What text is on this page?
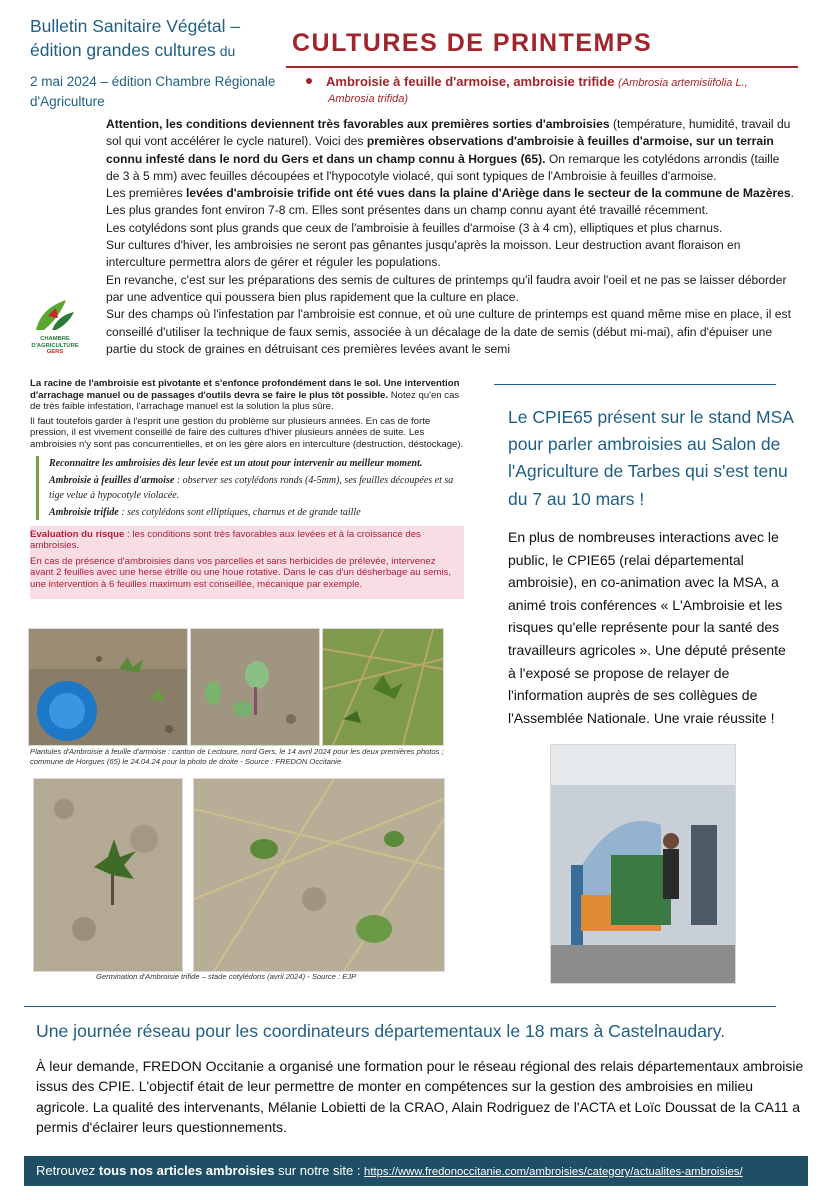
Bulletin Sanitaire Végétal –
édition grandes cultures du
2 mai 2024 – édition Chambre Régionale
d'Agriculture
CULTURES DE PRINTEMPS
Ambroisie à feuille d'armoise, ambroisie trifide (Ambrosia artemisiifolia L.,
Ambrosia trifida)

Attention, les conditions deviennent très favorables aux premières sorties d'ambroisies (température, humidité, travail du sol qui vont accélérer le cycle naturel). Voici des premières observations d'ambroisie à feuilles d'armoise, sur un terrain connu infesté dans le nord du Gers et dans un champ connu à Horgues (65). On remarque les cotylédons arrondis (taille de 3 à 5 mm) avec feuilles découpées et l'hypocotyle violacé, qui sont typiques de l'Ambroisie à feuilles d'armoise.

Les premières levées d'ambroisie trifide ont été vues dans la plaine d'Ariège dans le secteur de la commune de Mazères. Les plus grandes font environ 7-8 cm. Elles sont présentes dans un champ connu ayant été travaillé récemment.

Les cotylédons sont plus grands que ceux de l'ambroisie à feuilles d'armoise (3 à 4 cm), elliptiques et plus charnus.

Sur cultures d'hiver, les ambroisies ne seront pas gênantes jusqu'après la moisson. Leur destruction avant floraison en interculture permettra alors de gérer et réguler les populations.

En revanche, c'est sur les préparations des semis de cultures de printemps qu'il faudra avoir l'oeil et ne pas se laisser déborder par une adventice qui poussera bien plus rapidement que la culture en place.

Sur des champs où l'infestation par l'ambroisie est connue, et où une culture de printemps est quand même mise en place, il est conseillé d'utiliser la technique de faux semis, associée à un décalage de la date de semis (début mi-mai), afin d'épuiser une partie du stock de graines en détruisant ces premières levées avant le semi

CHAMBRE
D'AGRICULTURE
GERS

La racine de l'ambroisie est pivotante et s'enfonce profondément dans le sol. Une intervention d'arrachage manuel ou de passages d'outils devra se faire le plus tôt possible. Notez qu'en cas de très faible infestation, l'arrachage manuel est la solution la plus sûre.

Il faut toutefois garder à l'esprit une gestion du problème sur plusieurs années. En cas de forte pression, il est vivement conseillé de faire des cultures d'hiver plusieurs années de suite. Les ambroisies n'y sont pas concurrentielles, et on les gère alors en interculture (destruction, déstockage).

Reconnaitre les ambroisies dès leur levée est un atout pour intervenir au meilleur moment.

Ambroisie à feuilles d'armoise : observer ses cotylédons ronds (4-5mm), ses feuilles découpées et sa tige velue à hypocotyle violacée.

Ambroisie trifide : ses cotylédons sont elliptiques, charnus et de grande taille

Evaluation du risque : les conditions sont très favorables aux levées et à la croissance des ambroisies.

En cas de présence d'ambroisies dans vos parcelles et sans herbicides de prélevée, intervenez avant 2 feuilles avec une herse étrille ou une houe rotative. Dans le cas d'un désherbage au semis, une intervention à 6 feuilles maximum est conseillée, mécanique par exemple.

Plantules d'Ambroisie à feuille d'armoise : canton de Lectoure, nord Gers, le 14 avril 2024 pour les deux premières photos ; commune de Horgues (65) le 24.04.24 pour la photo de droite - Source : FREDON Occitanie
Germination d'Ambroisie trifide – stade cotylédons (avril 2024) - Source : EJP
Le CPIE65 présent sur le stand MSA pour parler ambroisies au Salon de l'Agriculture de Tarbes qui s'est tenu du 7 au 10 mars !
En plus de nombreuses interactions avec le public, le CPIE65 (relai départemental ambroisie), en co-animation avec la MSA, a animé trois conférences « L'Ambroisie et les risques qu'elle représente pour la santé des travailleurs agricoles ». Une député présente à l'exposé se propose de relayer de l'information auprès de ses collègues de l'Assemblée Nationale. Une vraie réussite !
Une journée réseau pour les coordinateurs départementaux le 18 mars à Castelnaudary.
À leur demande, FREDON Occitanie a organisé une formation pour le réseau régional des relais départementaux ambroisie issus des CPIE. L'objectif était de leur permettre de monter en compétences sur la gestion des ambroisies en milieu agricole. La qualité des intervenants, Mélanie Lobietti de la CRAO, Alain Rodriguez de l'ACTA et Loïc Doussat de la CA11 a permis d'éclairer leurs questionnements.
Retrouvez tous nos articles ambroisies sur notre site : https://www.fredonoccitanie.com/ambroisies/category/actualites-ambroisies/
